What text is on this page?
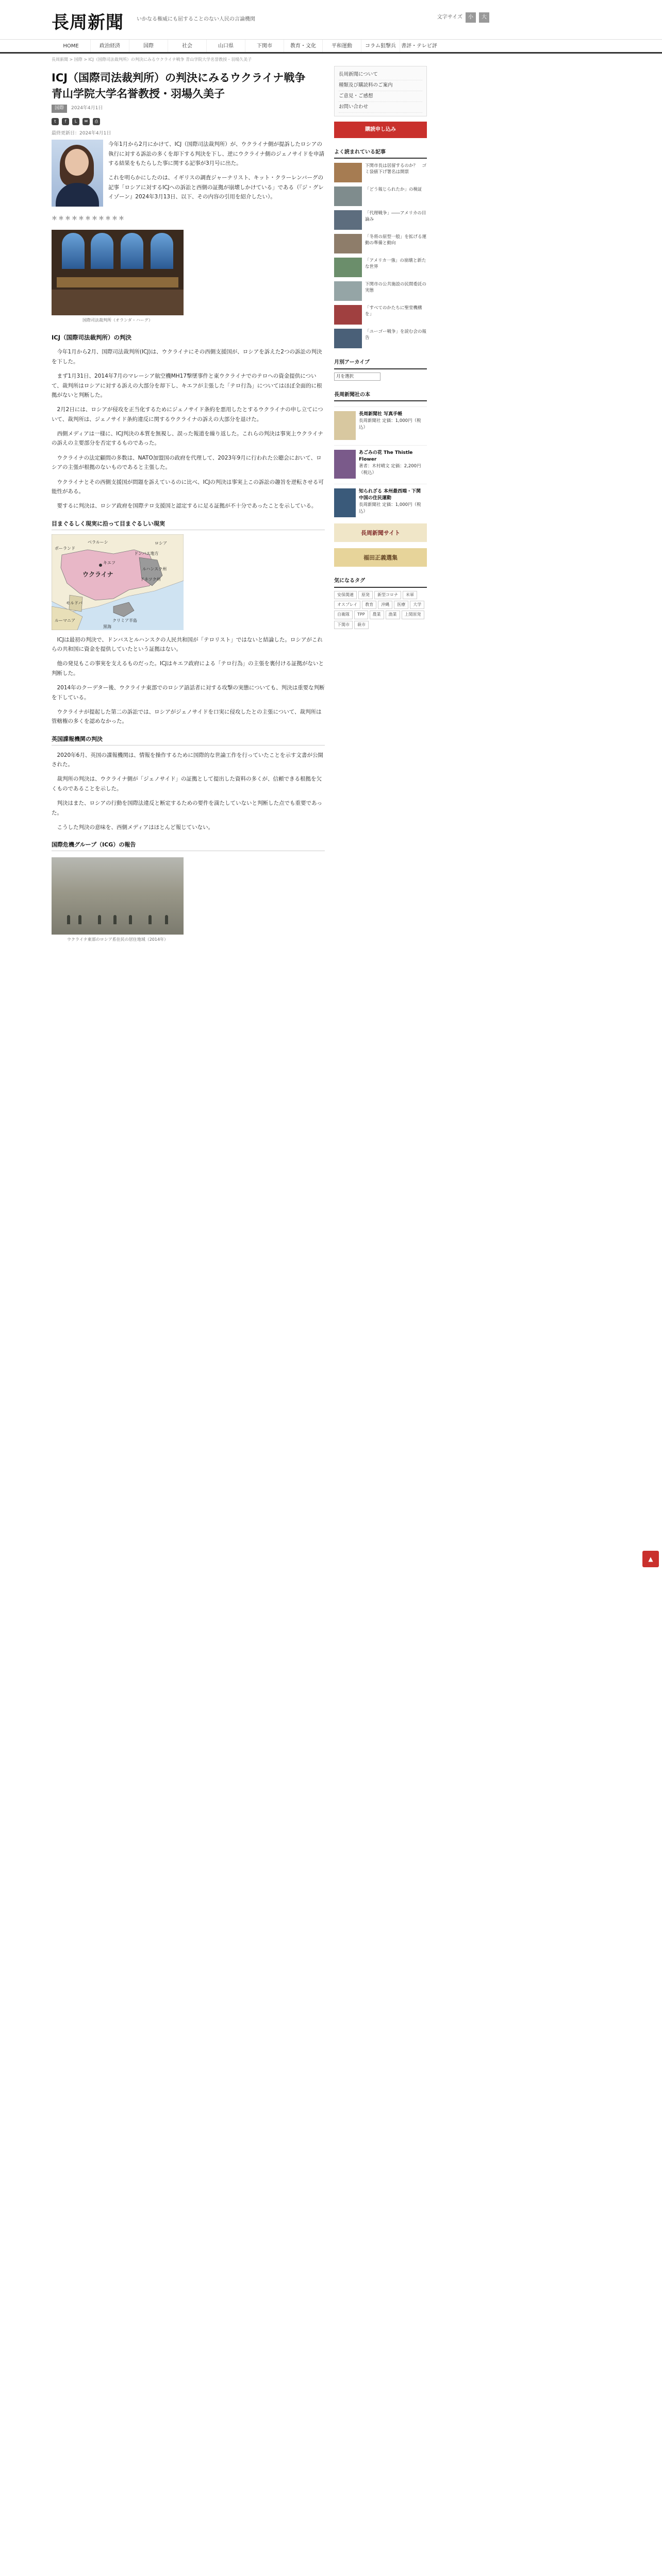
長周新聞	いかなる権威にも屈することのない人民の言論機関	文字サイズ	小	大
HOME	政治経済	国際	社会	山口県	下関市	教育・文化	平和運動	コラム狙撃兵	書評・テレビ評
長周新聞 > 国際 > ICJ（国際司法裁判所）の判決にみるウクライナ戦争 青山学院大学名誉教授・羽場久美子
ICJ（国際司法裁判所）の判決にみるウクライナ戦争　青山学院大学名誉教授・羽場久美子
国際	2024年4月1日
t	f	L	✉	⎙
最終更新日：2024年4月1日

今年1月から2月にかけて、ICJ（国際司法裁判所）が、ウクライナ側が提訴したロシアの執行に対する訴訟の多くを却下する判決を下し、逆にウクライナ側のジェノサイドを申請する結果をもたらした事に関する記事が3月号に出た。

これを明らかにしたのは、イギリスの調査ジャーナリスト、キット・クラーレンバーグの記事「ロシアに対するICJへの訴訟と西側の証拠が崩壊しかけている」である（『ジ・グレイゾーン』2024年3月13日、以下、その内容の引用を紹介したい）。

＊＊＊＊＊＊＊＊＊＊＊
国際司法裁判所（オランダ・ハーグ）
ICJ（国際司法裁判所）の判決

今年1月から2月、国際司法裁判所(ICJ)は、ウクライナにその西側支援国が、ロシアを訴えた2つの訴訟の判決を下した。

まず1月31日、2014年7月のマレーシア航空機MH17撃墜事件と東ウクライナでのテロへの資金提供について、裁判所はロシアに対する訴えの大部分を却下し、キエフが主張した「テロ行為」についてはほぼ全面的に根拠がないと判断した。

2月2日には、ロシアが侵攻を正当化するためにジェノサイド条約を悪用したとするウクライナの申し立てについて、裁判所は、ジェノサイド条約違反に関するウクライナの訴えの大部分を退けた。

西側メディアは一様に、ICJ判決の本質を無視し、誤った報道を繰り返した。これらの判決は事実上ウクライナの訴えの主要部分を否定するものであった。

ウクライナの法定顧問の多数は、NATO加盟国の政府を代理して、2023年9月に行われた公聴会において、ロシアの主張が根拠のないものであると主張した。

ウクライナとその西側支援国が問題を訴えているのに比べ、ICJの判決は事実上この訴訟の趣旨を逆転させる可能性がある。

要するに判決は、ロシア政府を国際テロ支援国と認定するに足る証拠が不十分であったことを示している。

目まぐるしく現実に沿って目まぐるしい現実
ポーランド
ベラルーシ	ロシア
ウクライナ
キエフ
ドンバス地方
ルハンスク州
ドネツク州
モルドバ
ルーマニア	クリミア半島
黒海

ICJは最初の判決で、ドンバスとルハンスクの人民共和国が「テロリスト」ではないと結論した。ロシアがこれらの共和国に資金を提供していたという証拠はない。

他の発見もこの事実を支えるものだった。ICJはキエフ政府による「テロ行為」の主張を裏付ける証拠がないと判断した。

2014年のクーデター後、ウクライナ東部でのロシア語話者に対する攻撃の実態についても、判決は重要な判断を下している。

ウクライナが提起した第二の訴訟では、ロシアがジェノサイドを口実に侵攻したとの主張について、裁判所は管轄権の多くを認めなかった。

英国諜報機関の判決

2020年6月、英国の諜報機関は、情報を操作するために国際的な世論工作を行っていたことを示す文書が公開された。

裁判所の判決は、ウクライナ側が「ジェノサイド」の証拠として提出した資料の多くが、信頼できる根拠を欠くものであることを示した。

判決はまた、ロシアの行動を国際法違反と断定するための要件を満たしていないと判断した点でも重要であった。

こうした判決の意味を、西側メディアはほとんど報じていない。

国際危機グループ（ICG）の報告
ウクライナ東部のロシア系住民の居住地域（2014年）
長周新聞について
種類及び購読料のご案内
ご意見・ご感想
お問い合わせ
購読申し込み
よく読まれている記事
下関市長は居留するのか？　ゴミ袋値下げ署名は開票
「どう報じられたか」の検証
「代理戦争」――アメリカの目論み
「冬将の原型一般」を拡げる運動の準備と動向
「アメリカ一強」の崩壊と新たな世界
下関市の公共施設の民間委託の実態
「すべてのかたちに聖堂機構を」
「ユーゴー戦争」を読む会の報告
月別アーカイブ
月を選択
長周新聞社の本
長周新聞社 写真手帳
長周新聞社 定価：1,000円（税込）
あごみの花 The Thistle Flower
著者：木村晴文 定価：2,200円（税込）
知られざる 本州最西端・下関 中国の住民運動
長周新聞社 定価：1,000円（税込）
長周新聞サイト
福田正義選集
気になるタグ
安保関連	原発	新型コロナ	米軍
オスプレイ	教育	沖縄	医療	大学
自衛隊	TPP	農業	漁業	上関原発
下関市	萩市
▲
